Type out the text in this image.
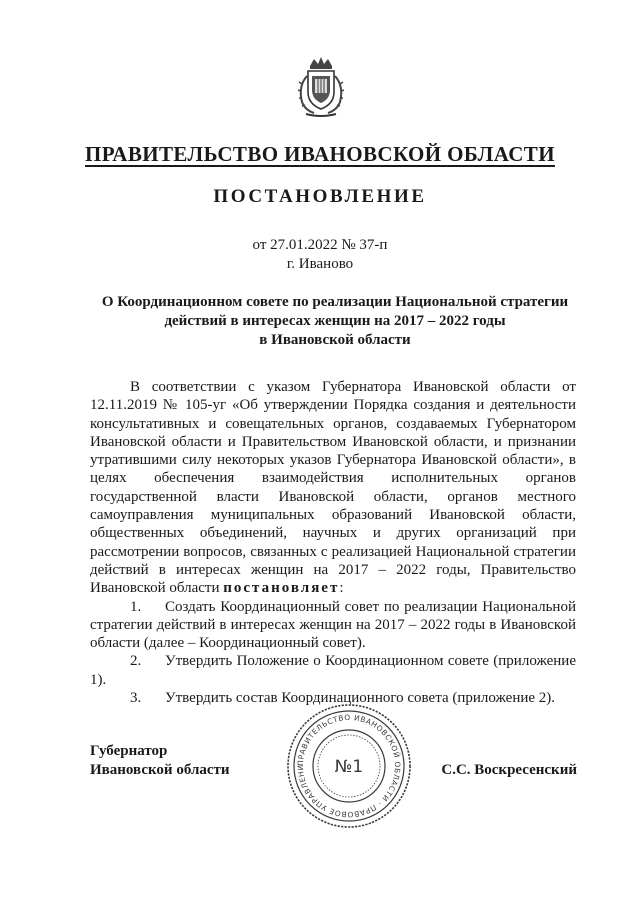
ПРАВИТЕЛЬСТВО ИВАНОВСКОЙ ОБЛАСТИ
ПОСТАНОВЛЕНИЕ
от 27.01.2022 № 37-п
г. Иваново
О Координационном совете по реализации Национальной стратегии
действий в интересах женщин на 2017 – 2022 годы
в Ивановской области

В соответствии с указом Губернатора Ивановской области от 12.11.2019 № 105-уг «Об утверждении Порядка создания и деятельности консультативных и совещательных органов, создаваемых Губернатором Ивановской области и Правительством Ивановской области, и признании утратившими силу некоторых указов Губернатора Ивановской области», в целях обеспечения взаимодействия исполнительных органов государственной власти Ивановской области, органов местного самоуправления муниципальных образований Ивановской области, общественных объединений, научных и других организаций при рассмотрении вопросов, связанных с реализацией Национальной стратегии действий в интересах женщин на 2017 – 2022 годы, Правительство Ивановской области постановляет:

1. Создать Координационный совет по реализации Национальной стратегии действий в интересах женщин на 2017 – 2022 годы в Ивановской области (далее – Координационный совет).

2. Утвердить Положение о Координационном совете (приложение 1).

3. Утвердить состав Координационного совета (приложение 2).

Губернатор
Ивановской области	С.С. Воскресенский
ПРАВИТЕЛЬСТВО ИВАНОВСКОЙ ОБЛАСТИ · ПРАВОВОЕ УПРАВЛЕНИ	№1
